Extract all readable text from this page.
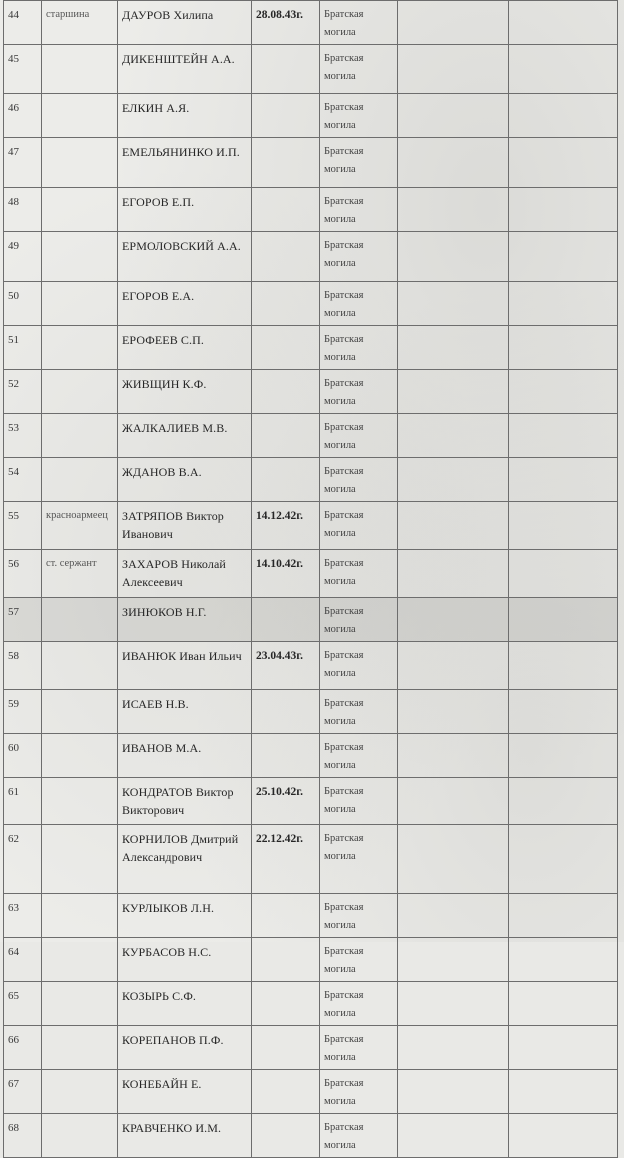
44	старшина	ДАУРОВ Хилипа	28.08.43г.	Братская могила		
45		ДИКЕНШТЕЙН А.А.		Братская могила		
46		ЕЛКИН А.Я.		Братская могила		
47		ЕМЕЛЬЯНИНКО И.П.		Братская могила		
48		ЕГОРОВ Е.П.		Братская могила		
49		ЕРМОЛОВСКИЙ А.А.		Братская могила		
50		ЕГОРОВ Е.А.		Братская могила		
51		ЕРОФЕЕВ С.П.		Братская могила		
52		ЖИВЩИН К.Ф.		Братская могила		
53		ЖАЛКАЛИЕВ М.В.		Братская могила		
54		ЖДАНОВ В.А.		Братская могила		
55	красноармеец	ЗАТРЯПОВ Виктор Иванович	14.12.42г.	Братская могила		
56	ст. сержант	ЗАХАРОВ Николай Алексеевич	14.10.42г.	Братская могила		
57		ЗИНЮКОВ Н.Г.		Братская могила		
58		ИВАНЮК Иван Ильич	23.04.43г.	Братская могила		
59		ИСАЕВ Н.В.		Братская могила		
60		ИВАНОВ М.А.		Братская могила		
61		КОНДРАТОВ Виктор Викторович	25.10.42г.	Братская могила		
62		КОРНИЛОВ Дмитрий Александрович	22.12.42г.	Братская могила		
63		КУРЛЫКОВ Л.Н.		Братская могила		
64		КУРБАСОВ Н.С.		Братская могила		
65		КОЗЫРЬ С.Ф.		Братская могила		
66		КОРЕПАНОВ П.Ф.		Братская могила		
67		КОНЕБАЙН Е.		Братская могила		
68		КРАВЧЕНКО И.М.		Братская могила		
